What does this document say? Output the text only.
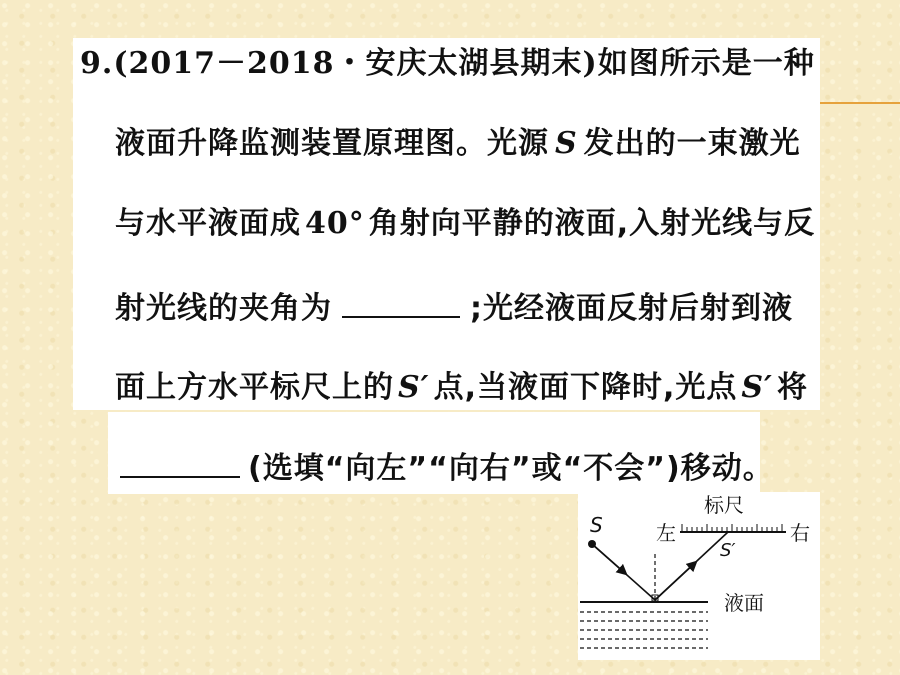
9.(2017－2018・安庆太湖县期末)如图所示是一种
液面升降监测装置原理图。光源 S 发出的一束激光
与水平液面成 40° 角射向平静的液面,入射光线与反
射光线的夹角为	;光经液面反射后射到液
面上方水平标尺上的 S′ 点,当液面下降时,光点 S′ 将
(选填“向左”“向右”或“不会”)移动。
S
标尺
左	右
S′
液面
